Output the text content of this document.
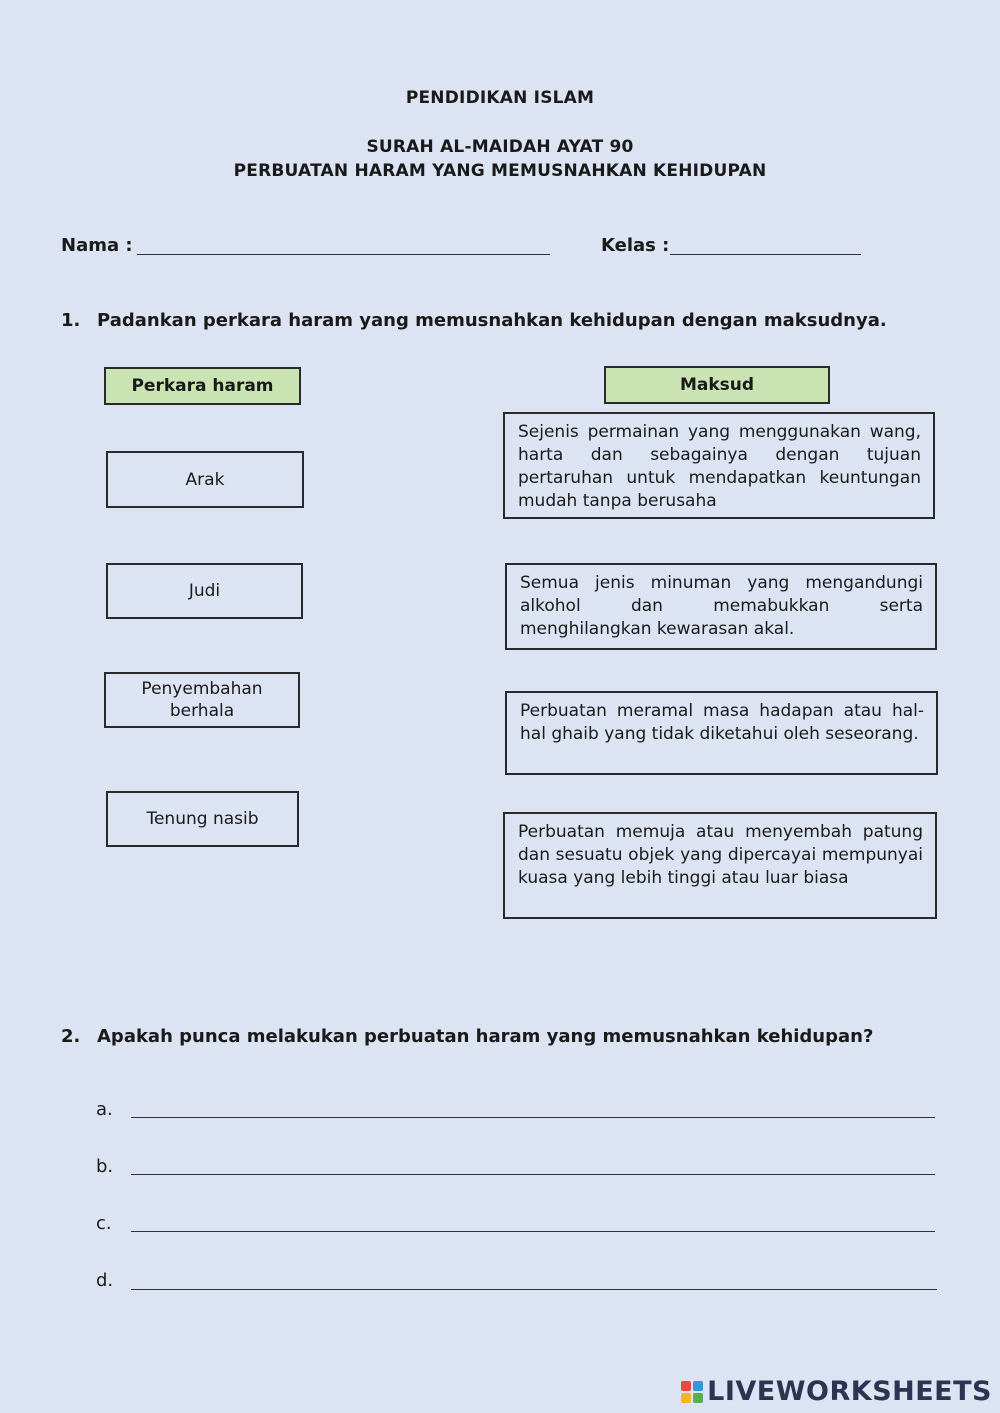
PENDIDIKAN ISLAM
SURAH AL-MAIDAH AYAT 90
PERBUATAN HARAM YANG MEMUSNAHKAN KEHIDUPAN
Nama :	Kelas :
1. Padankan perkara haram yang memusnahkan kehidupan dengan maksudnya.
Perkara haram	Maksud
Arak
Judi
Penyembahan berhala
Tenung nasib
Sejenis permainan yang menggunakan wang, harta dan sebagainya dengan tujuan pertaruhan untuk mendapatkan keuntungan mudah tanpa berusaha
Semua jenis minuman yang mengandungi alkohol dan memabukkan serta menghilangkan kewarasan akal.
Perbuatan meramal masa hadapan atau hal-hal ghaib yang tidak diketahui oleh seseorang.
Perbuatan memuja atau menyembah patung dan sesuatu objek yang dipercayai mempunyai kuasa yang lebih tinggi atau luar biasa
2. Apakah punca melakukan perbuatan haram yang memusnahkan kehidupan?
a.
b.
c.
d.
LIVEWORKSHEETS
